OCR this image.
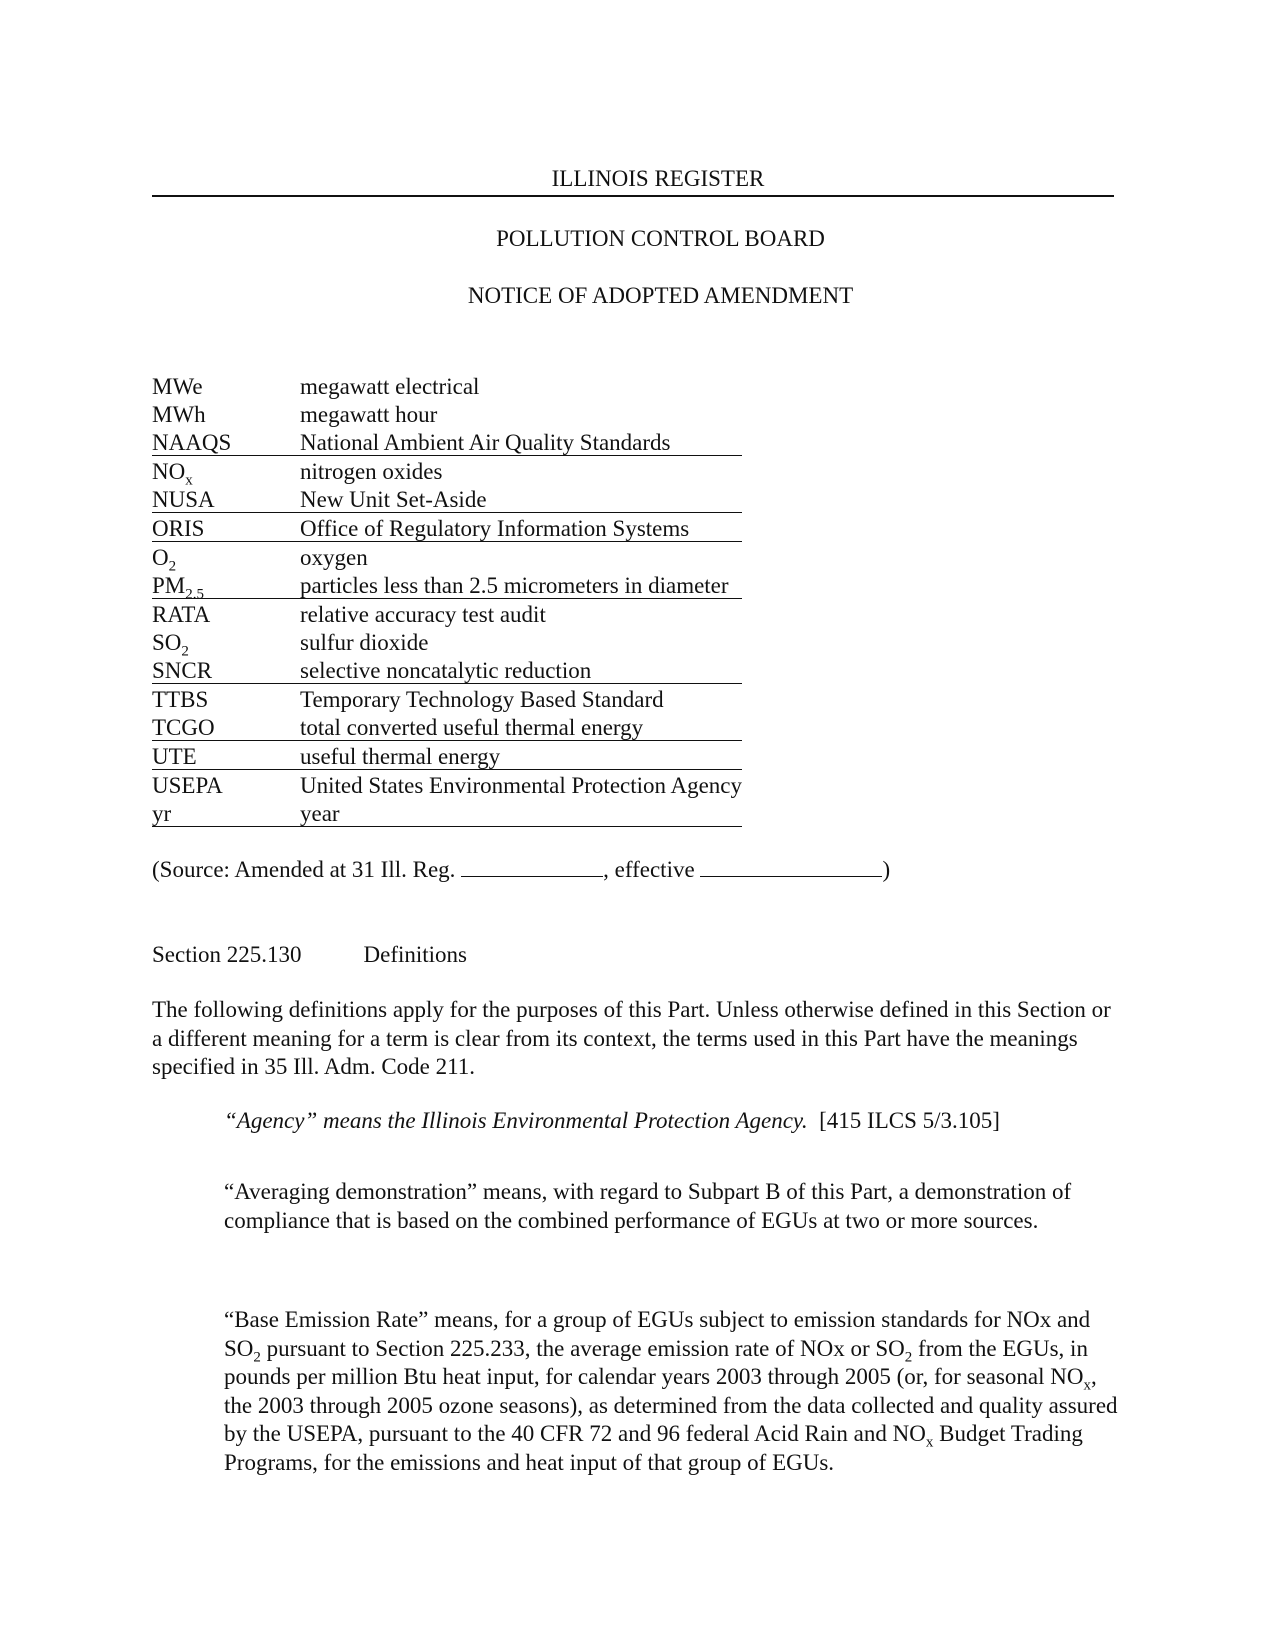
ILLINOIS REGISTER
POLLUTION CONTROL BOARD
NOTICE OF ADOPTED AMENDMENT
MWe	megawatt electrical
MWh	megawatt hour
NAAQS	National Ambient Air Quality Standards
$NO_x$	nitrogen oxides
NUSA	New Unit Set-Aside
ORIS	Office of Regulatory Information Systems
$O_2$	oxygen
$PM_{2.5}$	particles less than 2.5 micrometers in diameter
RATA	relative accuracy test audit
$SO_2$	sulfur dioxide
SNCR	selective noncatalytic reduction
TTBS	Temporary Technology Based Standard
TCGO	total converted useful thermal energy
UTE	useful thermal energy
USEPA	United States Environmental Protection Agency
yr	year
(Source: Amended at 31 Ill. Reg.	, effective	)
Section 225.130	Definitions
The following definitions apply for the purposes of this Part. Unless otherwise defined in this Section or a different meaning for a term is clear from its context, the terms used in this Part have the meanings specified in 35 Ill. Adm. Code 211.
“Agency” means the Illinois Environmental Protection Agency. [415 ILCS 5/3.105]
“Averaging demonstration” means, with regard to Subpart B of this Part, a demonstration of compliance that is based on the combined performance of EGUs at two or more sources.
“Base Emission Rate” means, for a group of EGUs subject to emission standards for NOx and $SO_2$ pursuant to Section 225.233, the average emission rate of NOx or $SO_2$ from the EGUs, in pounds per million Btu heat input, for calendar years 2003 through 2005 (or, for seasonal $NO_x$, the 2003 through 2005 ozone seasons), as determined from the data collected and quality assured by the USEPA, pursuant to the 40 CFR 72 and 96 federal Acid Rain and $NO_x$ Budget Trading Programs, for the emissions and heat input of that group of EGUs.
